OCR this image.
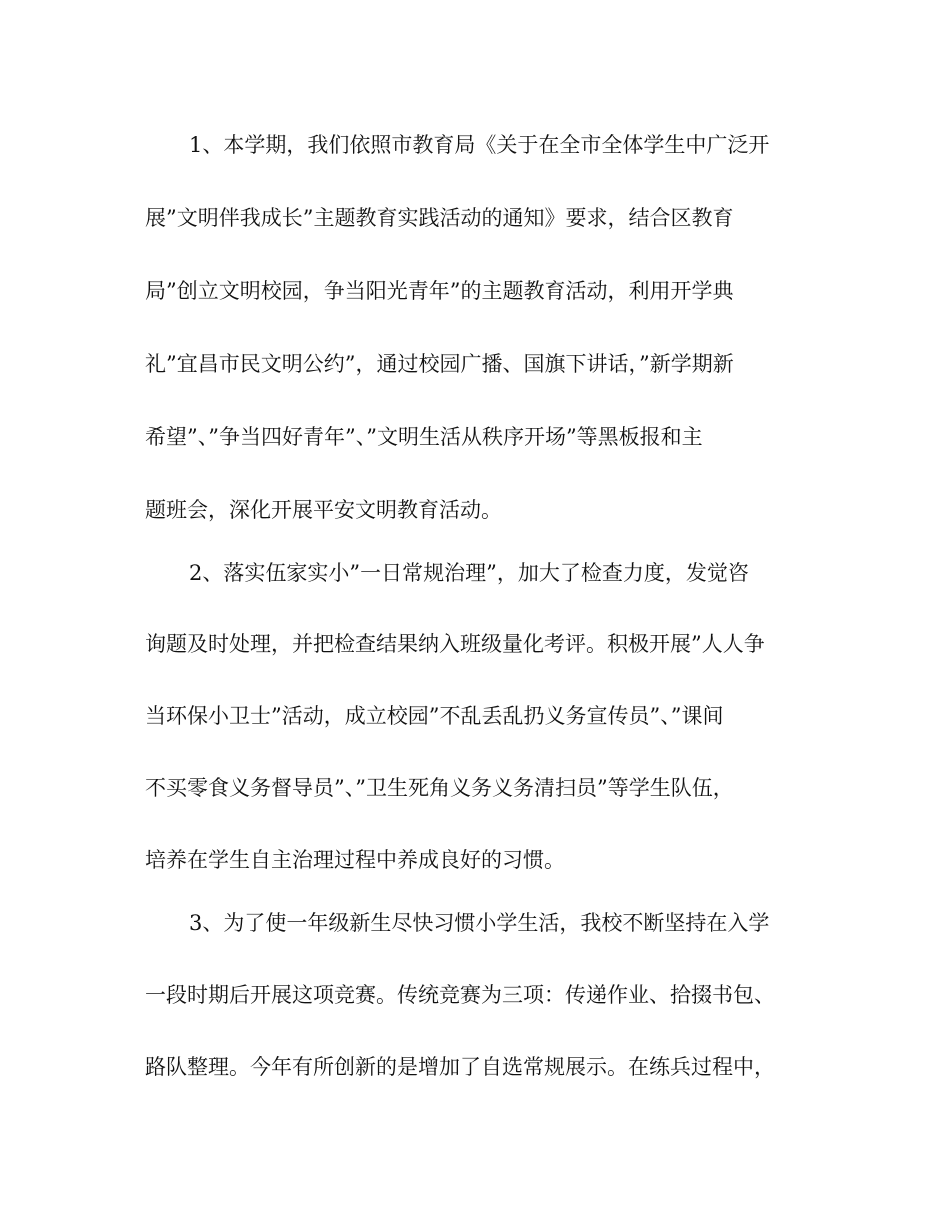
1、本学期，我们依照市教育局《关于在全市全体学生中广泛开
展”文明伴我成长”主题教育实践活动的通知》要求，结合区教育
局”创立文明校园，争当阳光青年”的主题教育活动，利用开学典
礼”宜昌市民文明公约”，通过校园广播、国旗下讲话，”新学期新
希望”、”争当四好青年”、”文明生活从秩序开场”等黑板报和主
题班会，深化开展平安文明教育活动。
2、落实伍家实小”一日常规治理”，加大了检查力度，发觉咨
询题及时处理，并把检查结果纳入班级量化考评。积极开展”人人争
当环保小卫士”活动，成立校园”不乱丢乱扔义务宣传员”、”课间
不买零食义务督导员”、”卫生死角义务义务清扫员”等学生队伍，
培养在学生自主治理过程中养成良好的习惯。
3、为了使一年级新生尽快习惯小学生活，我校不断坚持在入学
一段时期后开展这项竞赛。传统竞赛为三项：传递作业、拾掇书包、
路队整理。今年有所创新的是增加了自选常规展示。在练兵过程中，
